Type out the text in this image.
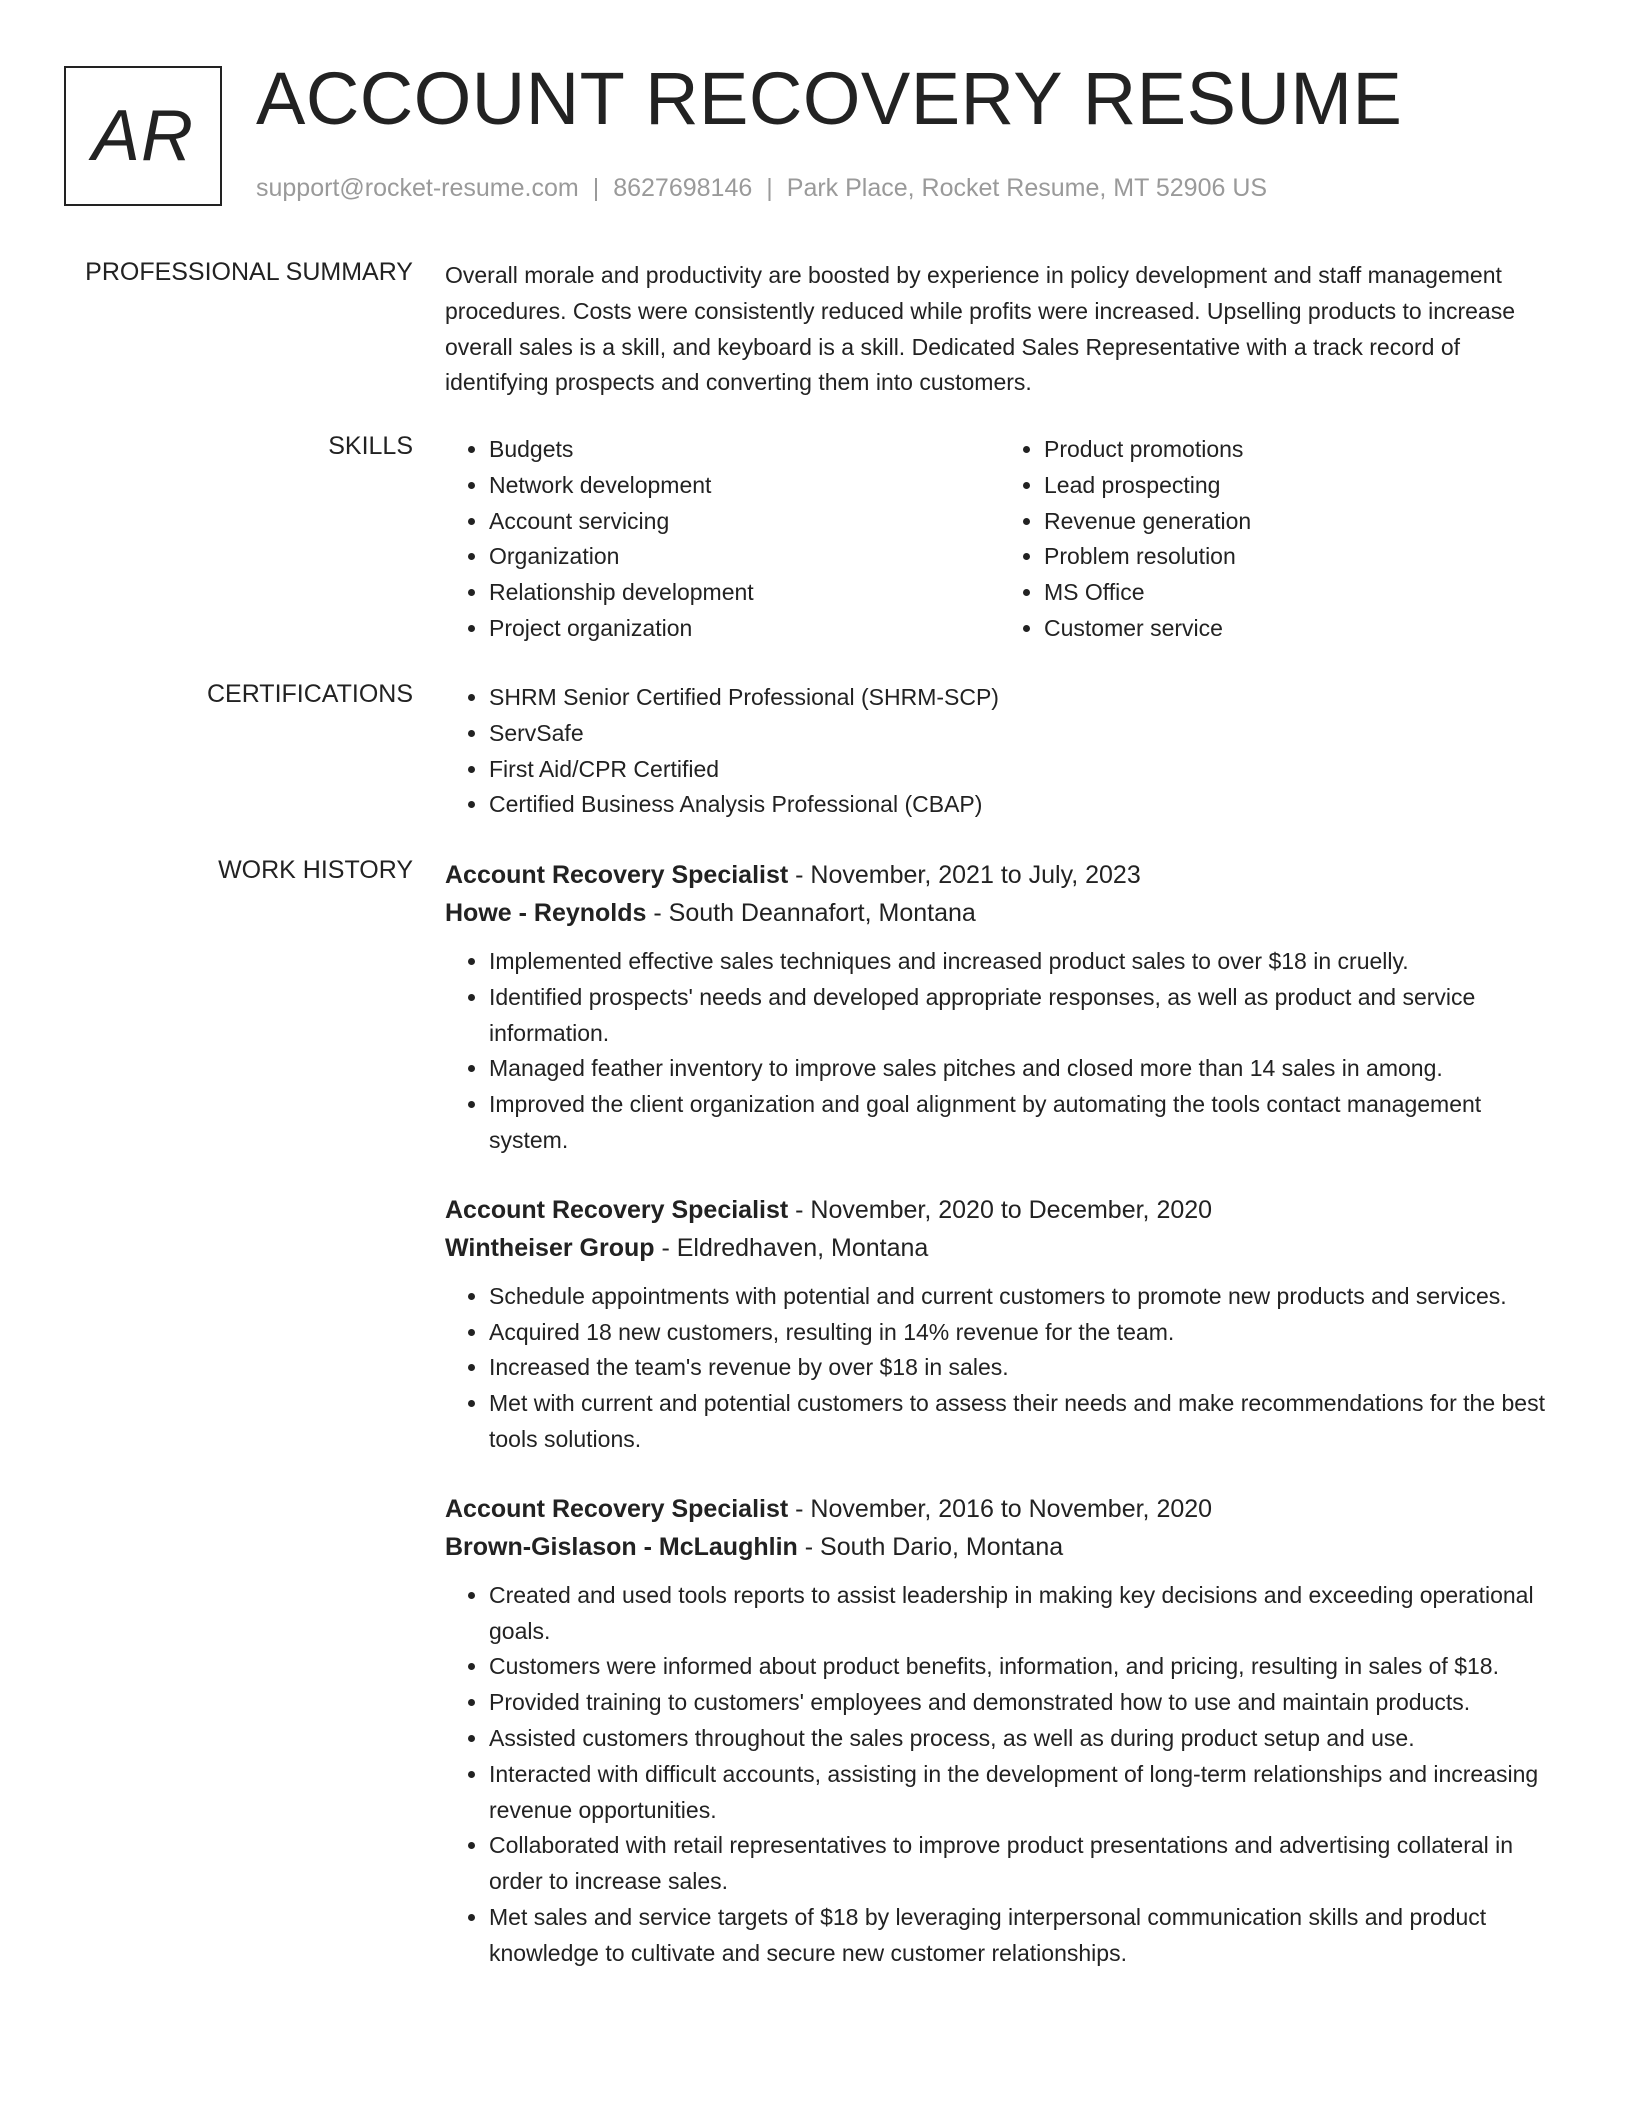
AR ACCOUNT RECOVERY RESUME
support@rocket-resume.com | 8627698146 | Park Place, Rocket Resume, MT 52906 US
PROFESSIONAL SUMMARY Overall morale and productivity are boosted by experience in policy development and staff management procedures. Costs were consistently reduced while profits were increased. Upselling products to increase overall sales is a skill, and keyboard is a skill. Dedicated Sales Representative with a track record of identifying prospects and converting them into customers.

SKILLS	• Budgets
• Network development
• Account servicing
• Organization
• Relationship development
• Project organization
• Product promotions
• Lead prospecting
• Revenue generation
• Problem resolution
• MS Office
• Customer service
CERTIFICATIONS	• SHRM Senior Certified Professional (SHRM-SCP)
• ServSafe
• First Aid/CPR Certified
• Certified Business Analysis Professional (CBAP)
WORK HISTORY Account Recovery Specialist - November, 2021 to July, 2023
Howe - Reynolds - South Deannafort, Montana
• Implemented effective sales techniques and increased product sales to over $18 in cruelly.
• Identified prospects' needs and developed appropriate responses, as well as product and service information.
• Managed feather inventory to improve sales pitches and closed more than 14 sales in among.
• Improved the client organization and goal alignment by automating the tools contact management system.
Account Recovery Specialist - November, 2020 to December, 2020
Wintheiser Group - Eldredhaven, Montana
• Schedule appointments with potential and current customers to promote new products and services.
• Acquired 18 new customers, resulting in 14% revenue for the team.
• Increased the team's revenue by over $18 in sales.
• Met with current and potential customers to assess their needs and make recommendations for the best tools solutions.
Account Recovery Specialist - November, 2016 to November, 2020
Brown-Gislason - McLaughlin - South Dario, Montana
• Created and used tools reports to assist leadership in making key decisions and exceeding operational goals.
• Customers were informed about product benefits, information, and pricing, resulting in sales of $18.
• Provided training to customers' employees and demonstrated how to use and maintain products.
• Assisted customers throughout the sales process, as well as during product setup and use.
• Interacted with difficult accounts, assisting in the development of long-term relationships and increasing revenue opportunities.
• Collaborated with retail representatives to improve product presentations and advertising collateral in order to increase sales.
• Met sales and service targets of $18 by leveraging interpersonal communication skills and product knowledge to cultivate and secure new customer relationships.
